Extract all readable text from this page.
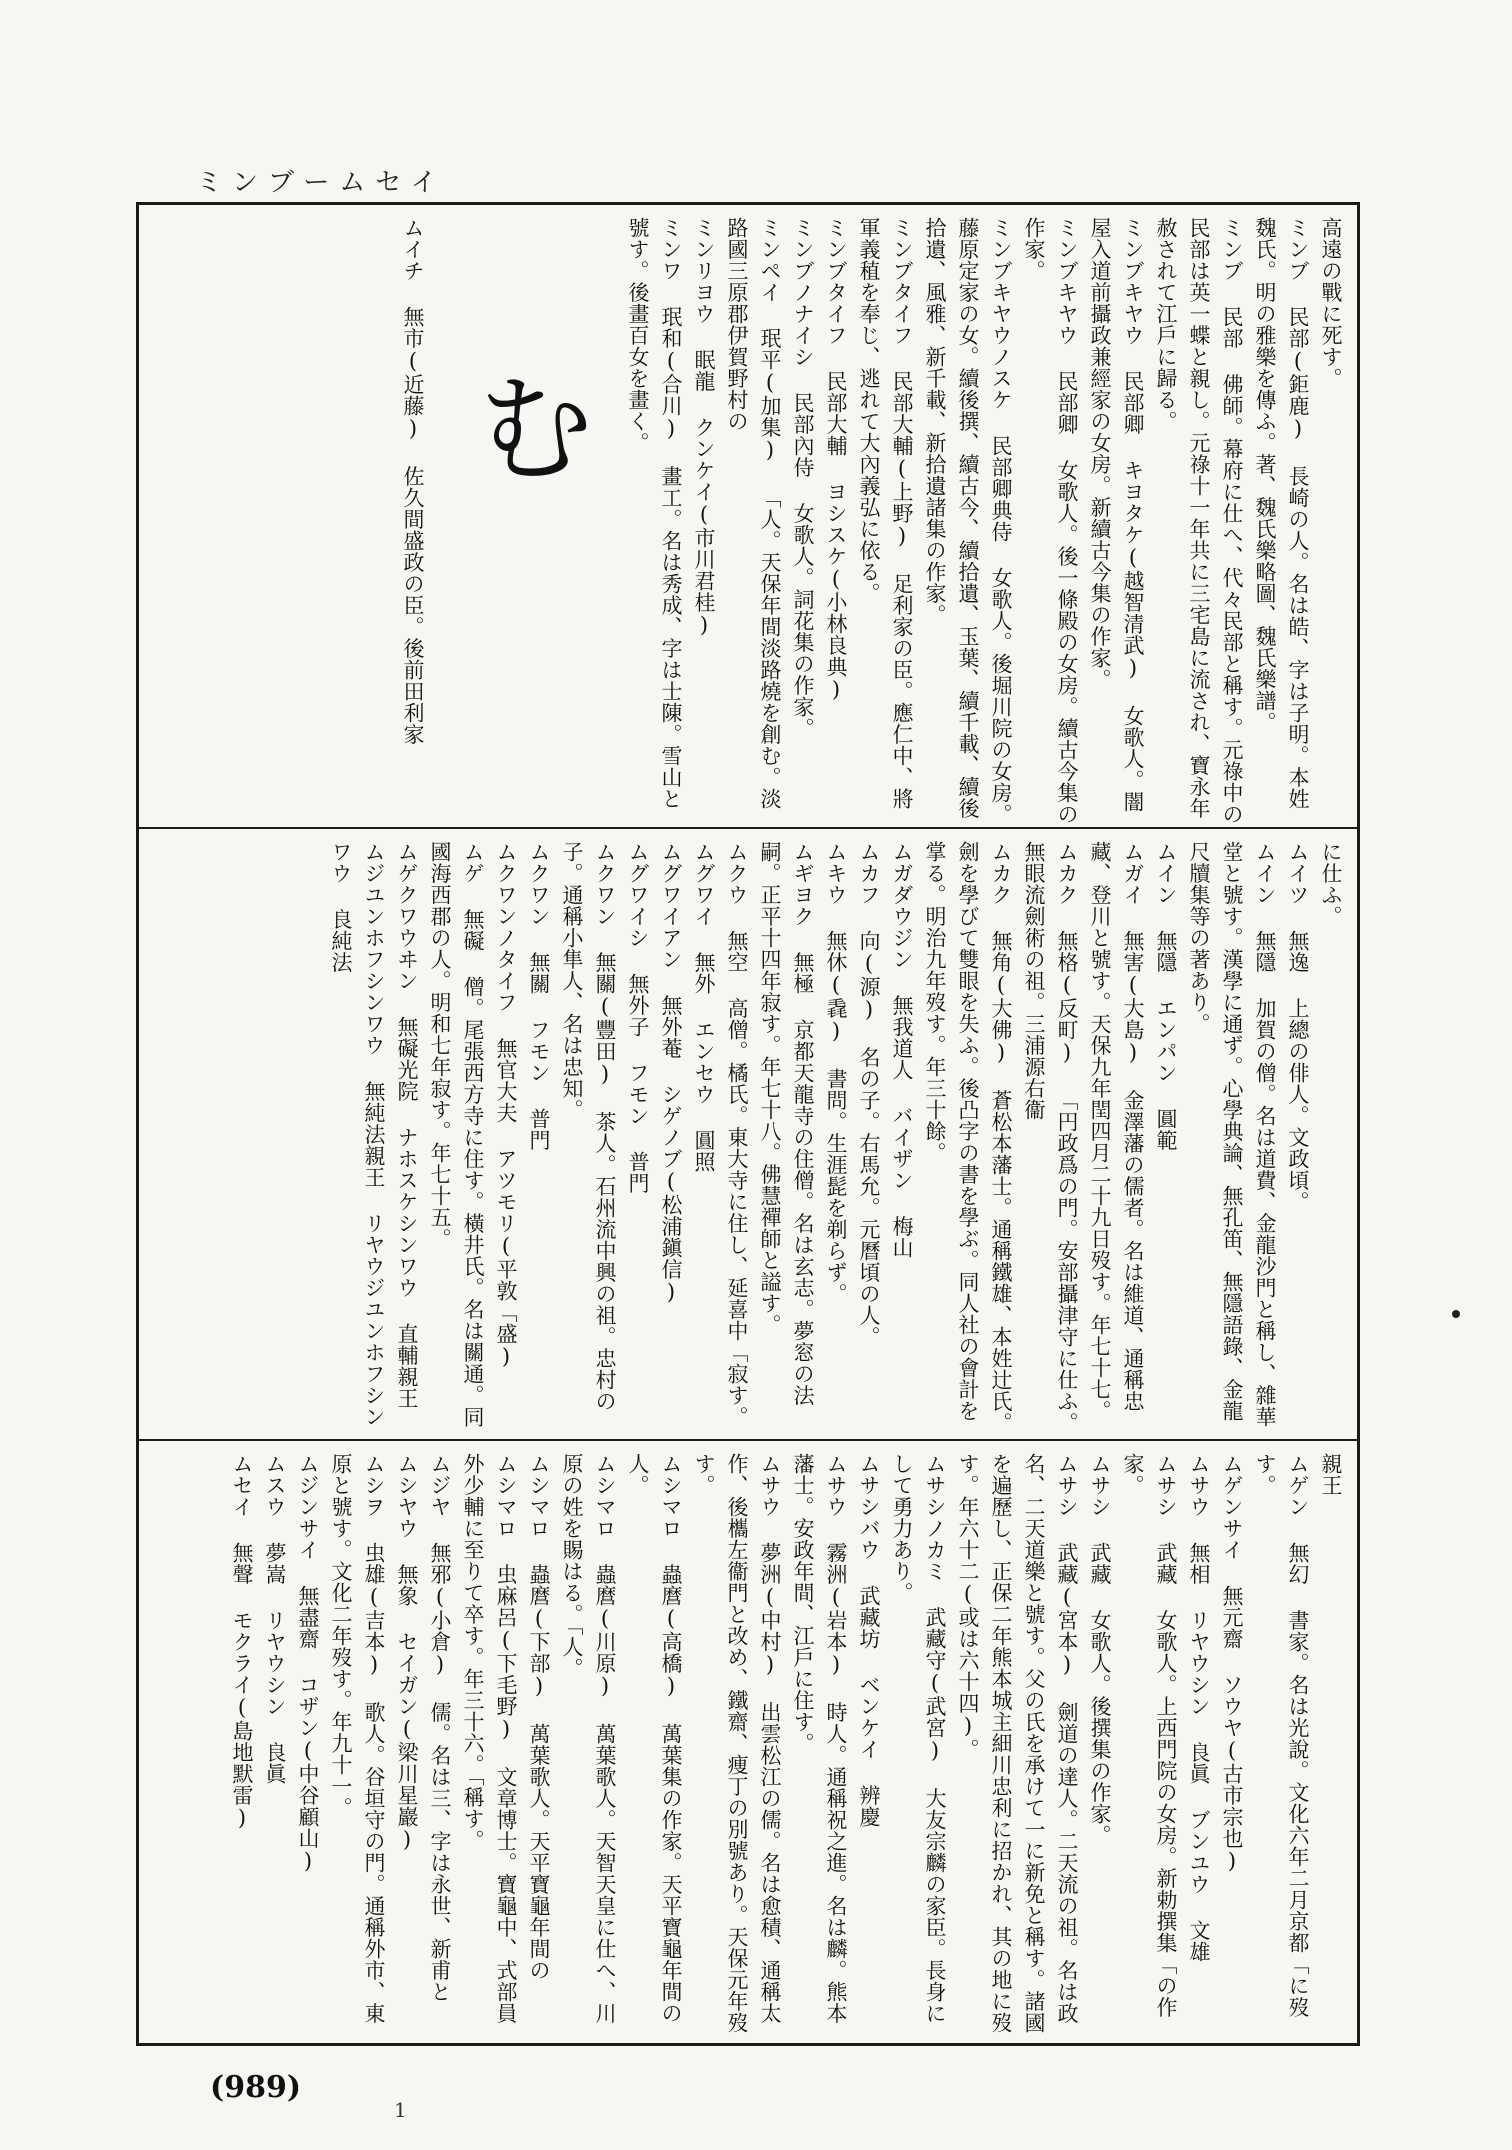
ミンブームセイ
高遠の戰に死す。
ミンブ 民部(鉅鹿) 長崎の人。名は皓、字は子明。本姓魏氏。明の雅樂を傳ふ。著、魏氏樂略圖、魏氏樂譜。
ミンブ 民部 佛師。幕府に仕へ、代々民部と稱す。元祿中の民部は英一蝶と親し。元祿十一年共に三宅島に流され、寶永年赦されて江戶に歸る。
ミンブキヤウ 民部卿 キヨタケ(越智清武) 女歌人。闇屋入道前攝政兼經家の女房。新續古今集の作家。
ミンブキヤウ 民部卿 女歌人。後一條殿の女房。續古今集の作家。
ミンブキヤウノスケ 民部卿典侍 女歌人。後堀川院の女房。藤原定家の女。續後撰、續古今、續拾遺、玉葉、續千載、續後拾遺、風雅、新千載、新拾遺諸集の作家。
ミンブタイフ 民部大輔(上野) 足利家の臣。應仁中、將軍義稙を奉じ、逃れて大內義弘に依る。
ミンブタイフ 民部大輔 ヨシスケ(小林良典)
ミンブノナイシ 民部內侍 女歌人。詞花集の作家。
ミンペイ 珉平(加集) 「人。天保年間淡路燒を創む。淡路國三原郡伊賀野村の
ミンリヨウ 眠龍 クンケイ(市川君桂)
ミンワ 珉和(合川) 畫工。名は秀成、字は士陳。雪山と號す。後畫百女を畫く。
む
ムイチ 無市(近藤) 佐久間盛政の臣。後前田利家
に仕ふ。
ムイツ 無逸 上總の俳人。文政頃。
ムイン 無隱 加賀の僧。名は道費、金龍沙門と稱し、雜華堂と號す。漢學に通ず。心學典論、無孔笛、無隱語錄、金龍尺牘集等の著あり。
ムイン 無隱 エンパン 圓範
ムガイ 無害(大島) 金澤藩の儒者。名は維道、通稱忠藏、登川と號す。天保九年閏四月二十九日歿す。年七十七。
ムカク 無格(反町) 「円政爲の門。安部攝津守に仕ふ。無眼流劍術の祖。三浦源右衞
ムカク 無角(大佛) 蒼松本藩士。通稱鐵雄、本姓辻氏。劍を學びて雙眼を失ふ。後凸字の書を學ぶ。同人社の會計を掌る。明治九年歿す。年三十餘。
ムガダウジン 無我道人 バイザン 梅山
ムカフ 向(源) 名の子。右馬允。元曆頃の人。
ムキウ 無休(毳) 書問。生涯髭を剃らず。
ムギヨク 無極 京都天龍寺の住僧。名は玄志。夢窓の法嗣。正平十四年寂す。年七十八。佛慧禪師と謚す。
ムクウ 無空 高僧。橘氏。東大寺に住し、延喜中「寂す。
ムグワイ 無外 エンセウ 圓照
ムグワイアン 無外菴 シゲノブ(松浦鎭信)
ムグワイシ 無外子 フモン 普門
ムクワン 無關(豐田) 茶人。石州流中興の祖。忠村の子。通稱小隼人、名は忠知。
ムクワン 無關 フモン 普門
ムクワンノタイフ 無官大夫 アツモリ(平敦「盛)
ムゲ 無礙 僧。尾張西方寺に住す。橫井氏。名は關通。同國海西郡の人。明和七年寂す。年七十五。
ムゲクワウヰン 無礙光院 ナホスケシンワウ 直輔親王
ムジユンホフシンワウ 無純法親王 リヤウジユンホフシンワウ 良純法
親王
ムゲン 無幻 書家。名は光說。文化六年二月京都「に歿す。
ムゲンサイ 無元齋 ソウヤ(古市宗也)
ムサウ 無相 リヤウシン 良眞 ブンユウ 文雄
ムサシ 武藏 女歌人。上西門院の女房。新勅撰集「の作家。
ムサシ 武藏 女歌人。後撰集の作家。
ムサシ 武藏(宮本) 劍道の達人。二天流の祖。名は政名、二天道樂と號す。父の氏を承けて一に新免と稱す。諸國を遍歷し、正保二年熊本城主細川忠利に招かれ、其の地に歿す。年六十二(或は六十四)。
ムサシノカミ 武藏守(武宮) 大友宗麟の家臣。長身にして勇力あり。
ムサシバウ 武藏坊 ベンケイ 辨慶
ムサウ 霧洲(岩本) 時人。通稱祝之進。名は麟。熊本藩士。安政年間、江戶に住す。
ムサウ 夢洲(中村) 出雲松江の儒。名は愈積、通稱太作、後欈左衞門と改め、鐵齋、痩丁の別號あり。天保元年歿す。
ムシマロ 蟲麿(高橋) 萬葉集の作家。天平寶龜年間の人。
ムシマロ 蟲麿(川原) 萬葉歌人。天智天皇に仕へ、川原の姓を賜はる。「人。
ムシマロ 蟲麿(下部) 萬葉歌人。天平寶龜年間の
ムシマロ 虫麻呂(下毛野) 文章博士。寶龜中、式部員外少輔に至りて卒す。年三十六。「稱す。
ムジヤ 無邪(小倉) 儒。名は三、字は永世、新甫と
ムシヤウ 無象 セイガン(梁川星巖)
ムシヲ 虫雄(吉本) 歌人。谷垣守の門。通稱外市、東原と號す。文化二年歿す。年九十一。
ムジンサイ 無盡齋 コザン(中谷顧山)
ムスウ 夢嵩 リヤウシン 良眞
ムセイ 無聲 モクライ(島地默雷)
(989)
1
